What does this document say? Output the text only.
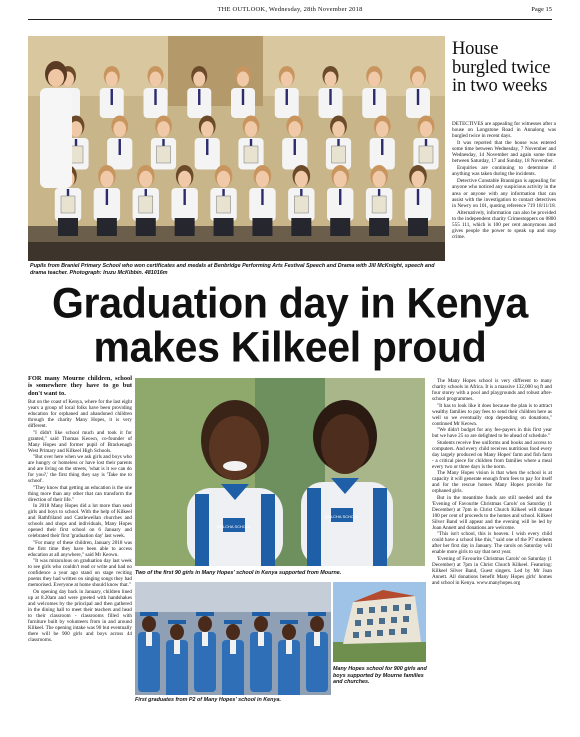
THE OUTLOOK, Wednesday, 28th November 2018	Page 15
Pupils from Braniel Primary School who won certificates and medals at Benbridge Performing Arts Festival Speech and Drama with Jill McKnight, speech and drama teacher. Photograph: Iruzu McKibbin. 481016m
House burgled twice in two weeks

DETECTIVES are appealing for witnesses after a house on Longstone Road in Annalong was burgled twice in recent days.

It was reported that the house was entered some time between Wednesday, 7 November and Wednesday, 14 November and again some time between Saturday, 17 and Sunday, 18 November.

Enquiries are continuing to determine if anything was taken during the incidents.

Detective Constable Brannigan is appealing for anyone who noticed any suspicious activity in the area or anyone with any information that can assist with the investigation to contact detectives in Newry on 101, quoting reference 719 18/11/18.

Alternatively, information can also be provided to the independent charity Crimestoppers on 0800 555 111, which is 100 per cent anonymous and gives people the power to speak up and stop crime.

Graduation day in Kenya
makes Kilkeel proud

FOR many Mourne children, school is somewhere they have to go but don't want to.

But on the coast of Kenya, where for the last eight years a group of local folks have been providing education for orphaned and abandoned children through the charity Many Hopes, it is very different.

"I didn't like school much and took it for granted," said Thomas Keown, co-founder of Many Hopes and former pupil of Brackenagh West Primary and Kilkeel High Schools.

"But over here when we ask girls and boys who are hungry or homeless or have lost their parents and are living on the streets, 'what is it we can do for you?,' the first thing they say is 'Take me to school'.

"They know that getting an education is the one thing more than any other that can transform the direction of their life."

In 2018 Many Hopes did a lot more than send girls and boys to school. With the help of Kilkeel and Rathfriland and Castlewellan churches and schools and shops and individuals, Many Hopes opened their first school on 6 January and celebrated their first 'graduation day' last week.

"For many of these children, January 2018 was the first time they have been able to access education at all anywhere," said Mr Keown.

"It was miraculous on graduation day last week to see girls who couldn't read or write and had no confidence a year ago stand on stage reciting poems they had written on singing songs they had memorised. Everyone at home should know that."

On opening day back in January, children lined up at 8.20am and were greeted with handshakes and welcomes by the principal and then gathered in the dining hall to meet their teachers and head to their classroom - classrooms filled with furniture built by volunteers from in and around Kilkeel. The opening intake was 90 but eventually there will be 900 girls and boys across 44 classrooms.

MULCHA SCHOOL
MULCHA SCHOOL
Two of the first 90 girls in Many Hopes' school in Kenya supported from Mourne.
First graduates from P2 of Many Hopes' school in Kenya.
Many Hopes school for 900 girls and boys supported by Mourne families and churches.

The Many Hopes school is very different to many charity schools in Africa. It is a massive 132,000 sq ft and four storey with a pool and playgrounds and robust after-school programmes.

"It has to look like it does because the plan is to attract wealthy families to pay fees to send their children here as well so we eventually stop depending on donations," continued Mr Keown.

"We didn't budget for any fee-payers in this first year but we have 25 so are delighted to be ahead of schedule."

Students receive free uniforms and books and access to computers. And every child receives nutritious food every day largely produced on Many Hopes' farm and fish farm - a critical piece for children from families where a meal every two or three days is the norm.

The Many Hopes vision is that when the school is at capacity it will generate enough from fees to pay for itself and for the rescue homes Many Hopes provide for orphaned girls.

But in the meantime funds are still needed and the 'Evening of Favourite Christmas Carols' on Saturday (1 December) at 7pm in Christ Church Kilkeel will donate 100 per cent of proceeds to the homes and school. Kilkeel Silver Band will appear and the evening will be led by Joan Annett and donations are welcome.

"This isn't school, this is heaven. I wish every child could have a school like this," said one of the P7 students after her first day in January. The carols on Saturday will enable more girls to say that next year.

'Evening of Favourite Christmas Carols' on Saturday (1 December) at 7pm in Christ Church Kilkeel. Featuring: Kilkeel Silver Band, Guest singers. Led by Mr Joan Annett. All donations benefit Many Hopes girls' homes and school in Kenya. www.manyhopes.org
